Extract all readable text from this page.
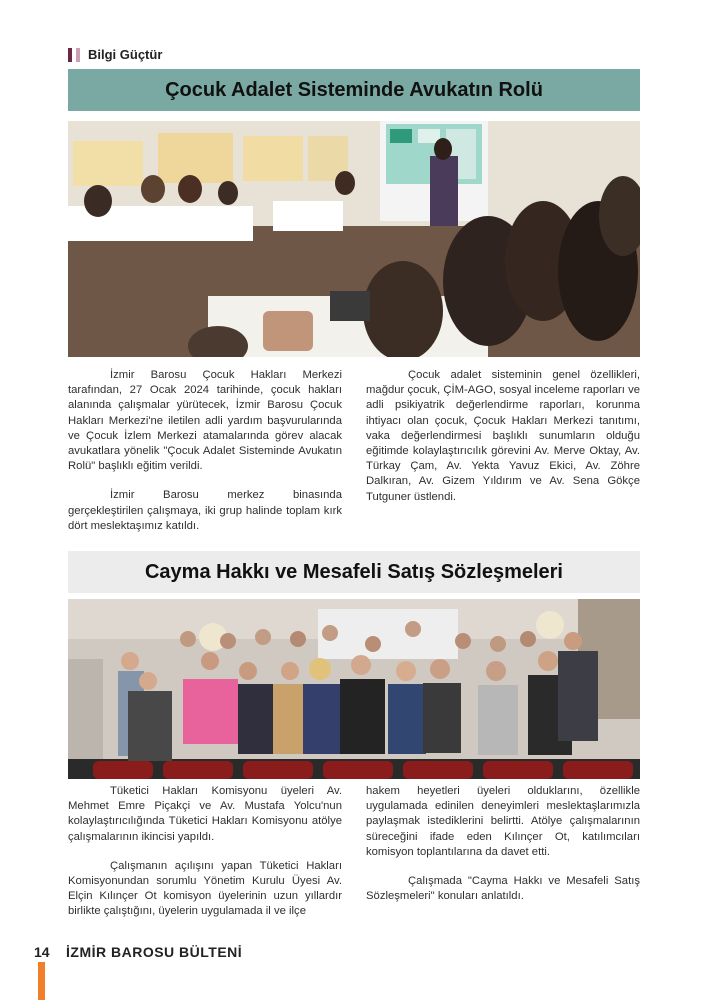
Bilgi Güçtür
Çocuk Adalet Sisteminde Avukatın Rolü

İzmir Barosu Çocuk Hakları Merkezi tarafından, 27 Ocak 2024 tarihinde, çocuk hakları alanında çalışmalar yürütecek, İzmir Barosu Çocuk Hakları Merkezi'ne iletilen adli yardım başvurularında ve Çocuk İzlem Merkezi atamalarında görev alacak avukatlara yönelik "Çocuk Adalet Sisteminde Avukatın Rolü" başlıklı eğitim verildi.

İzmir Barosu merkez binasında gerçekleştirilen çalışmaya, iki grup halinde toplam kırk dört meslektaşımız katıldı.

Çocuk adalet sisteminin genel özellikleri, mağdur çocuk, ÇİM-AGO, sosyal inceleme raporları ve adli psikiyatrik değerlendirme raporları, korunma ihtiyacı olan çocuk, Çocuk Hakları Merkezi tanıtımı, vaka değerlendirmesi başlıklı sunumların olduğu eğitimde kolaylaştırıcılık görevini Av. Merve Oktay, Av. Türkay Çam, Av. Yekta Yavuz Ekici, Av. Zöhre Dalkıran, Av. Gizem Yıldırım ve Av. Sena Gökçe Tutguner üstlendi.

Cayma Hakkı ve Mesafeli Satış Sözleşmeleri

Tüketici Hakları Komisyonu üyeleri Av. Mehmet Emre Piçakçi ve Av. Mustafa Yolcu'nun kolaylaştırıcılığında Tüketici Hakları Komisyonu atölye çalışmalarının ikincisi yapıldı.

Çalışmanın açılışını yapan Tüketici Hakları Komisyonundan sorumlu Yönetim Kurulu Üyesi Av. Elçin Kılınçer Ot komisyon üyelerinin uzun yıllardır birlikte çalıştığını, üyelerin uygulamada il ve ilçe

hakem heyetleri üyeleri olduklarını, özellikle uygulamada edinilen deneyimleri meslektaşlarımızla paylaşmak istediklerini belirtti. Atölye çalışmalarının süreceğini ifade eden Kılınçer Ot, katılımcıları komisyon toplantılarına da davet etti.

Çalışmada "Cayma Hakkı ve Mesafeli Satış Sözleşmeleri" konuları anlatıldı.

14 İZMİR BAROSU BÜLTENİ
